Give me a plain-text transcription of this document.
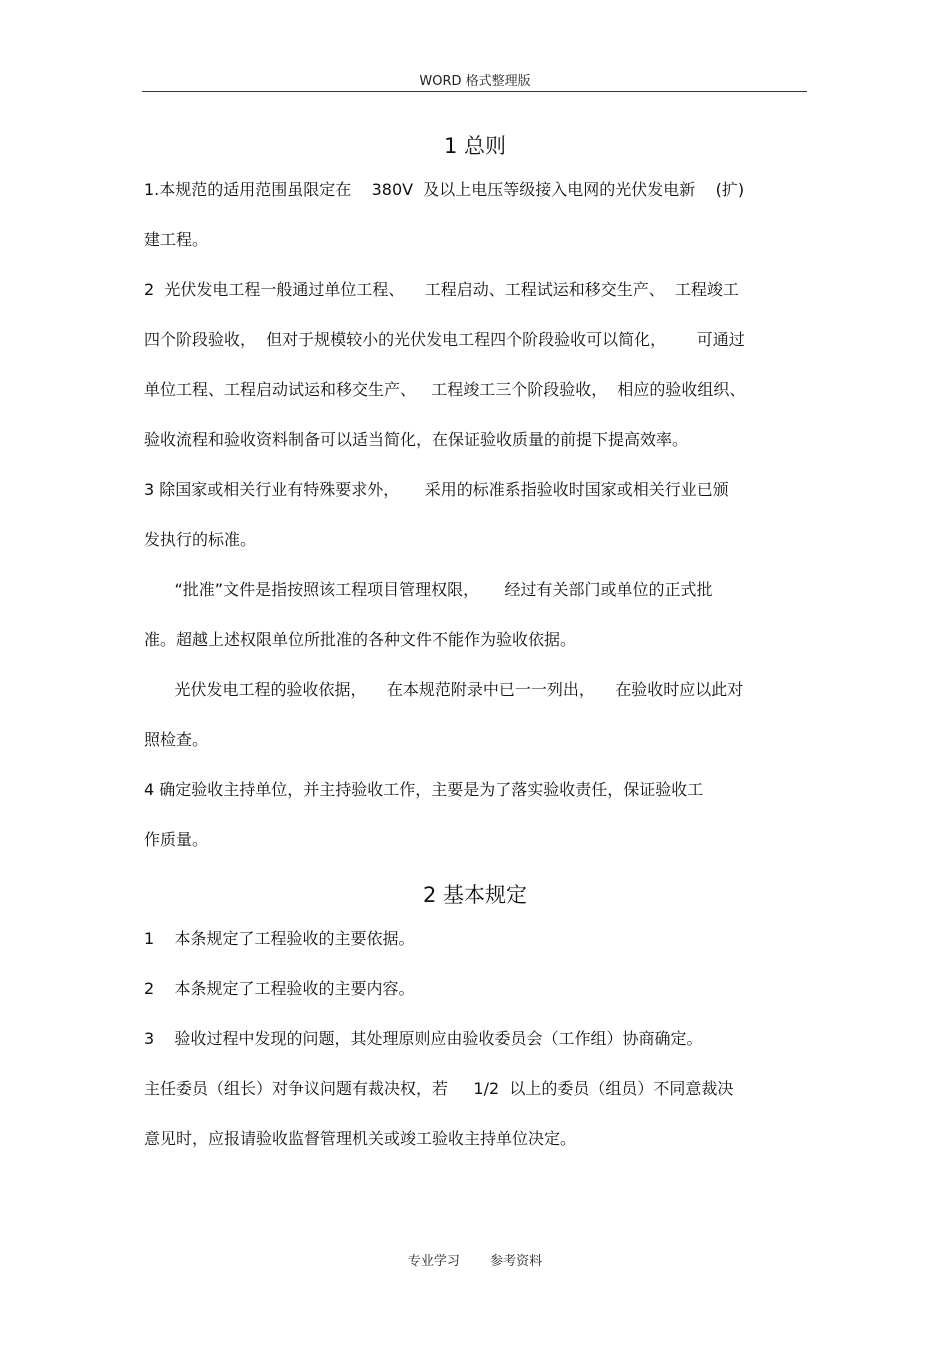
WORD 格式整理版
1 总则
1.本规范的适用范围虽限定在    380V  及以上电压等级接入电网的光伏发电新    (扩)
建工程。
2  光伏发电工程一般通过单位工程、    工程启动、工程试运和移交生产、  工程竣工
四个阶段验收，  但对于规模较小的光伏发电工程四个阶段验收可以简化，      可通过
单位工程、工程启动试运和移交生产、   工程竣工三个阶段验收，  相应的验收组织、
验收流程和验收资料制备可以适当简化，在保证验收质量的前提下提高效率。
3 除国家或相关行业有特殊要求外，     采用的标准系指验收时国家或相关行业已颁
发执行的标准。
“批准”文件是指按照该工程项目管理权限，     经过有关部门或单位的正式批
准。超越上述权限单位所批准的各种文件不能作为验收依据。
光伏发电工程的验收依据，    在本规范附录中已一一列出，    在验收时应以此对
照检查。
4 确定验收主持单位，并主持验收工作，主要是为了落实验收责任，保证验收工
作质量。
2 基本规定
1    本条规定了工程验收的主要依据。
2    本条规定了工程验收的主要内容。
3    验收过程中发现的问题，其处理原则应由验收委员会（工作组）协商确定。
主任委员（组长）对争议问题有裁决权，若     1/2  以上的委员（组员）不同意裁决
意见时，应报请验收监督管理机关或竣工验收主持单位决定。
专业学习 参考资料
